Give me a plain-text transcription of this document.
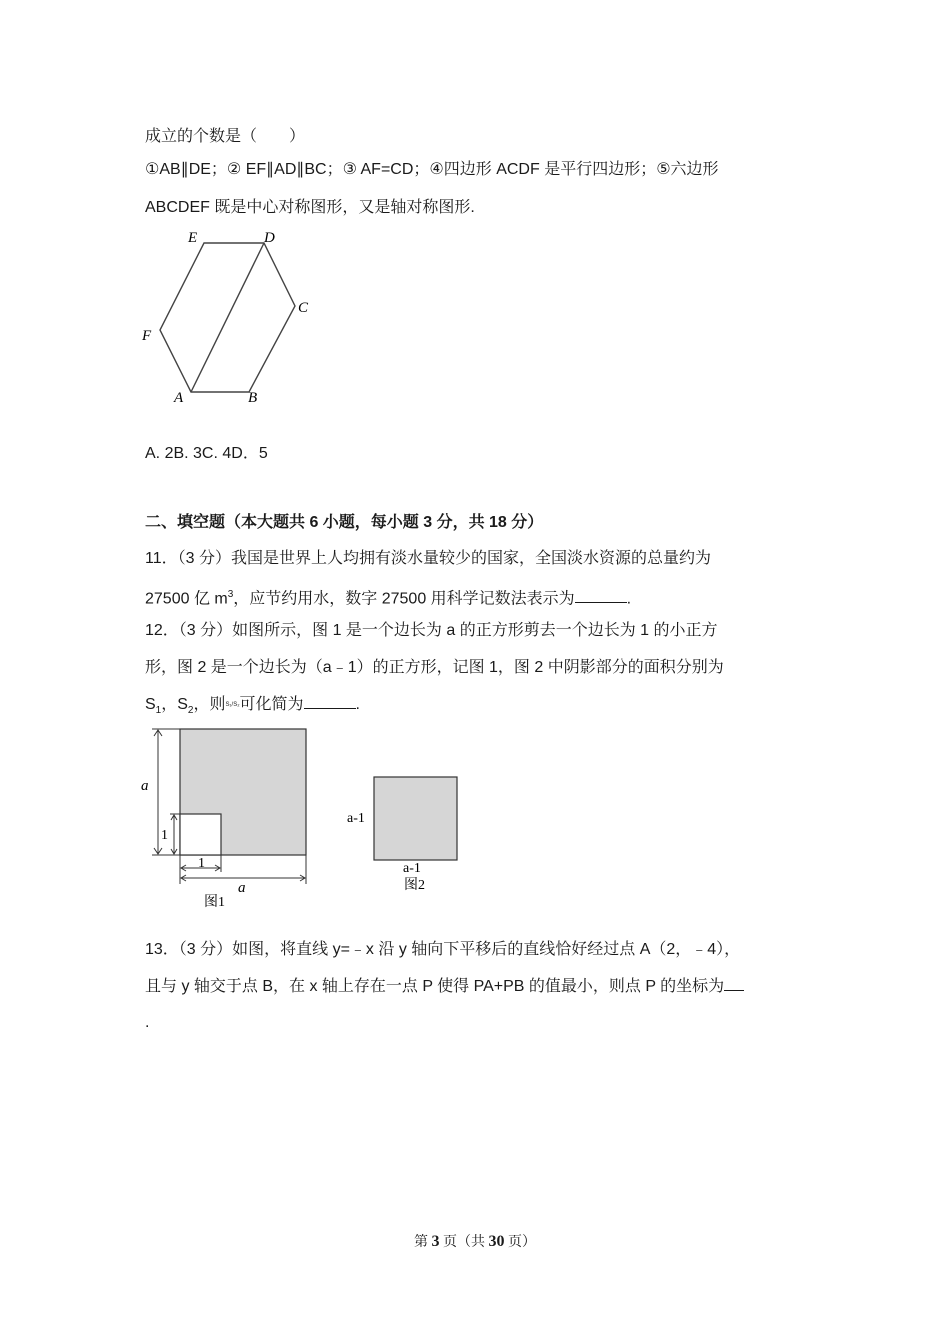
成立的个数是（　　）
①AB∥DE；② EF∥AD∥BC；③ AF=CD；④四边形 ACDF 是平行四边形；⑤六边形
ABCDEF 既是中心对称图形，又是轴对称图形.
E	D
C
F
A	B
A. 2B. 3C. 4D．5
二、填空题（本大题共 6 小题，每小题 3 分，共 18 分）
11．（3 分）我国是世界上人均拥有淡水量较少的国家，全国淡水资源的总量约为
27500 亿 $m^3$，应节约用水，数字 27500 用科学记数法表示为	.
12．（3 分）如图所示，图 1 是一个边长为 a 的正方形剪去一个边长为 1 的小正方
形，图 2 是一个边长为（a﹣1）的正方形，记图 1，图 2 中阴影部分的面积分别为
$S_1$，$S_2$，则S₁/S₂可化简为	.
a
1
1
a
图1
a-1
a-1
图2
13．（3 分）如图，将直线 y=﹣x 沿 y 轴向下平移后的直线恰好经过点 A（2，﹣4），
且与 y 轴交于点 B，在 x 轴上存在一点 P 使得 PA+PB 的值最小，则点 P 的坐标为
.
第 3 页（共 30 页）
